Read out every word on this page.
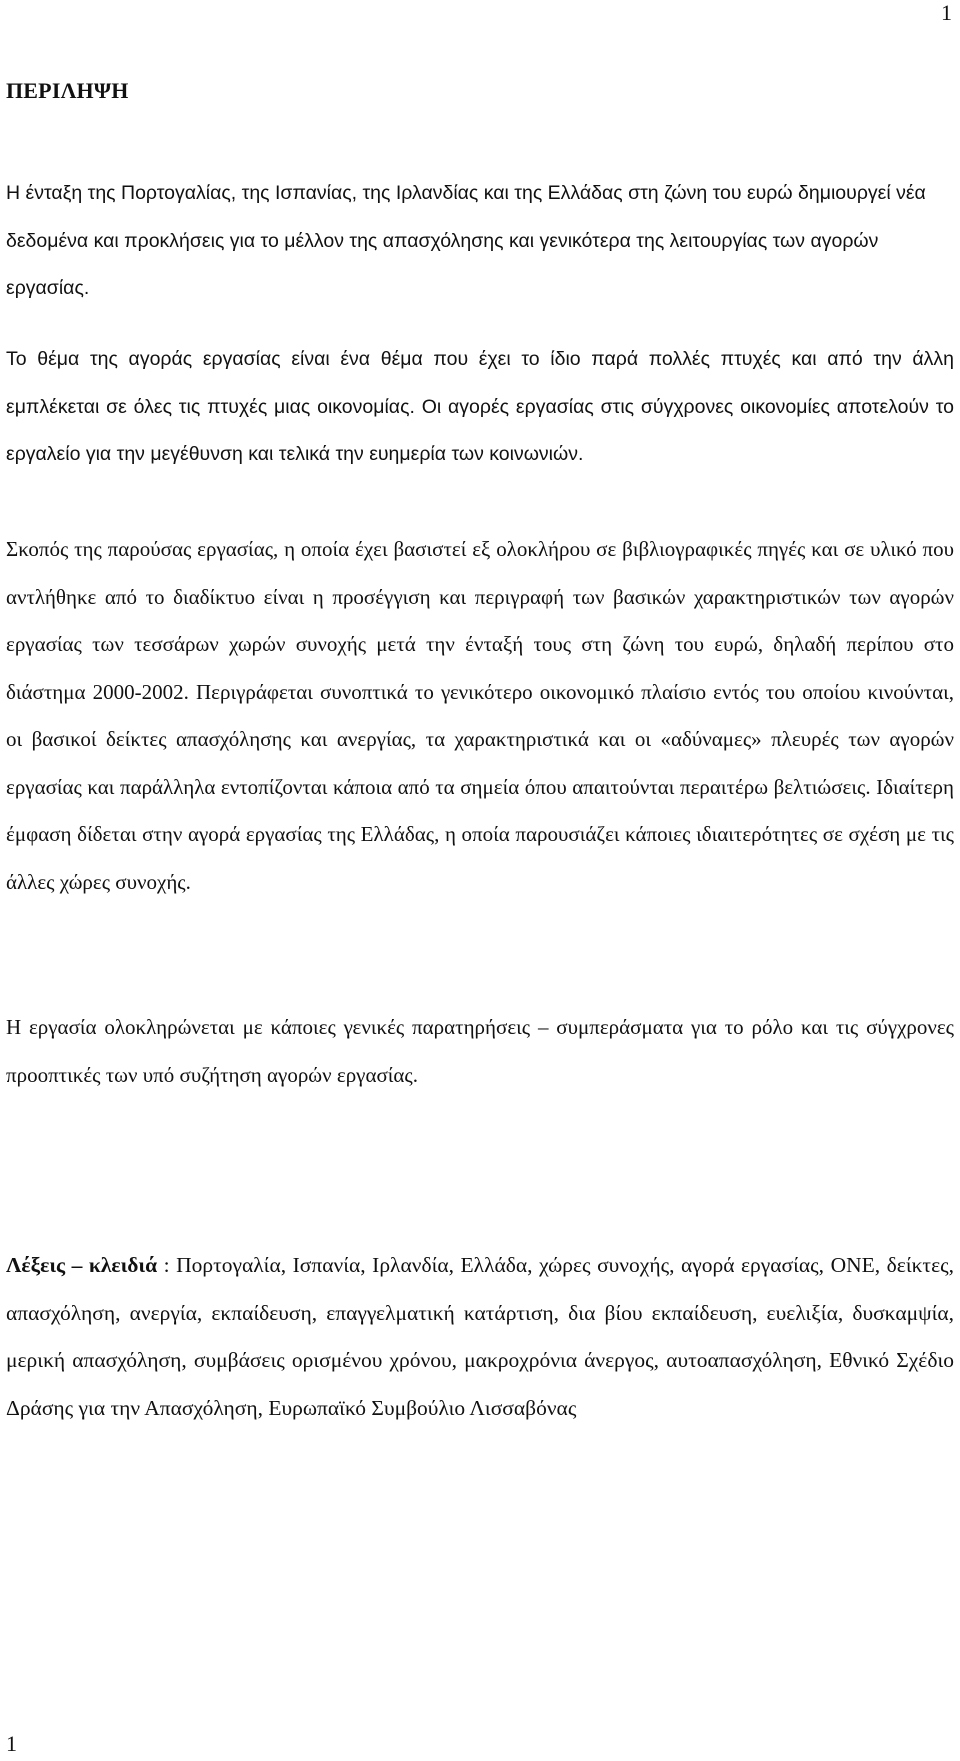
1
ΠΕΡΙΛΗΨΗ

Η ένταξη της Πορτογαλίας, της Ισπανίας, της Ιρλανδίας και της Ελλάδας στη ζώνη του ευρώ δημιουργεί νέα δεδομένα και προκλήσεις για το μέλλον της απασχόλησης και γενικότερα της λειτουργίας των αγορών εργασίας.

Το θέμα της αγοράς εργασίας είναι ένα θέμα που έχει το ίδιο παρά πολλές πτυχές και από την άλλη εμπλέκεται σε όλες τις πτυχές μιας οικονομίας. Οι αγορές εργασίας στις σύγχρονες οικονομίες αποτελούν το εργαλείο για την μεγέθυνση και τελικά την ευημερία των κοινωνιών.

Σκοπός της παρούσας εργασίας, η οποία έχει βασιστεί εξ ολοκλήρου σε βιβλιογραφικές πηγές και σε υλικό που αντλήθηκε από το διαδίκτυο είναι η προσέγγιση και περιγραφή των βασικών χαρακτηριστικών των αγορών εργασίας των τεσσάρων χωρών συνοχής μετά την ένταξή τους στη ζώνη του ευρώ, δηλαδή περίπου στο διάστημα 2000-2002. Περιγράφεται συνοπτικά το γενικότερο οικονομικό πλαίσιο εντός του οποίου κινούνται, οι βασικοί δείκτες απασχόλησης και ανεργίας, τα χαρακτηριστικά και οι «αδύναμες» πλευρές των αγορών εργασίας και παράλληλα εντοπίζονται κάποια από τα σημεία όπου απαιτούνται περαιτέρω βελτιώσεις. Ιδιαίτερη έμφαση δίδεται στην αγορά εργασίας της Ελλάδας, η οποία παρουσιάζει κάποιες ιδιαιτερότητες σε σχέση με τις άλλες χώρες συνοχής.

Η εργασία ολοκληρώνεται με κάποιες γενικές παρατηρήσεις – συμπεράσματα για το ρόλο και τις σύγχρονες προοπτικές των υπό συζήτηση αγορών εργασίας.

Λέξεις – κλειδιά : Πορτογαλία, Ισπανία, Ιρλανδία, Ελλάδα, χώρες συνοχής, αγορά εργασίας, ΟΝΕ, δείκτες, απασχόληση, ανεργία, εκπαίδευση, επαγγελματική κατάρτιση, δια βίου εκπαίδευση, ευελιξία, δυσκαμψία, μερική απασχόληση, συμβάσεις ορισμένου χρόνου, μακροχρόνια άνεργος, αυτοαπασχόληση, Εθνικό Σχέδιο Δράσης για την Απασχόληση, Ευρωπαϊκό Συμβούλιο Λισσαβόνας

1
